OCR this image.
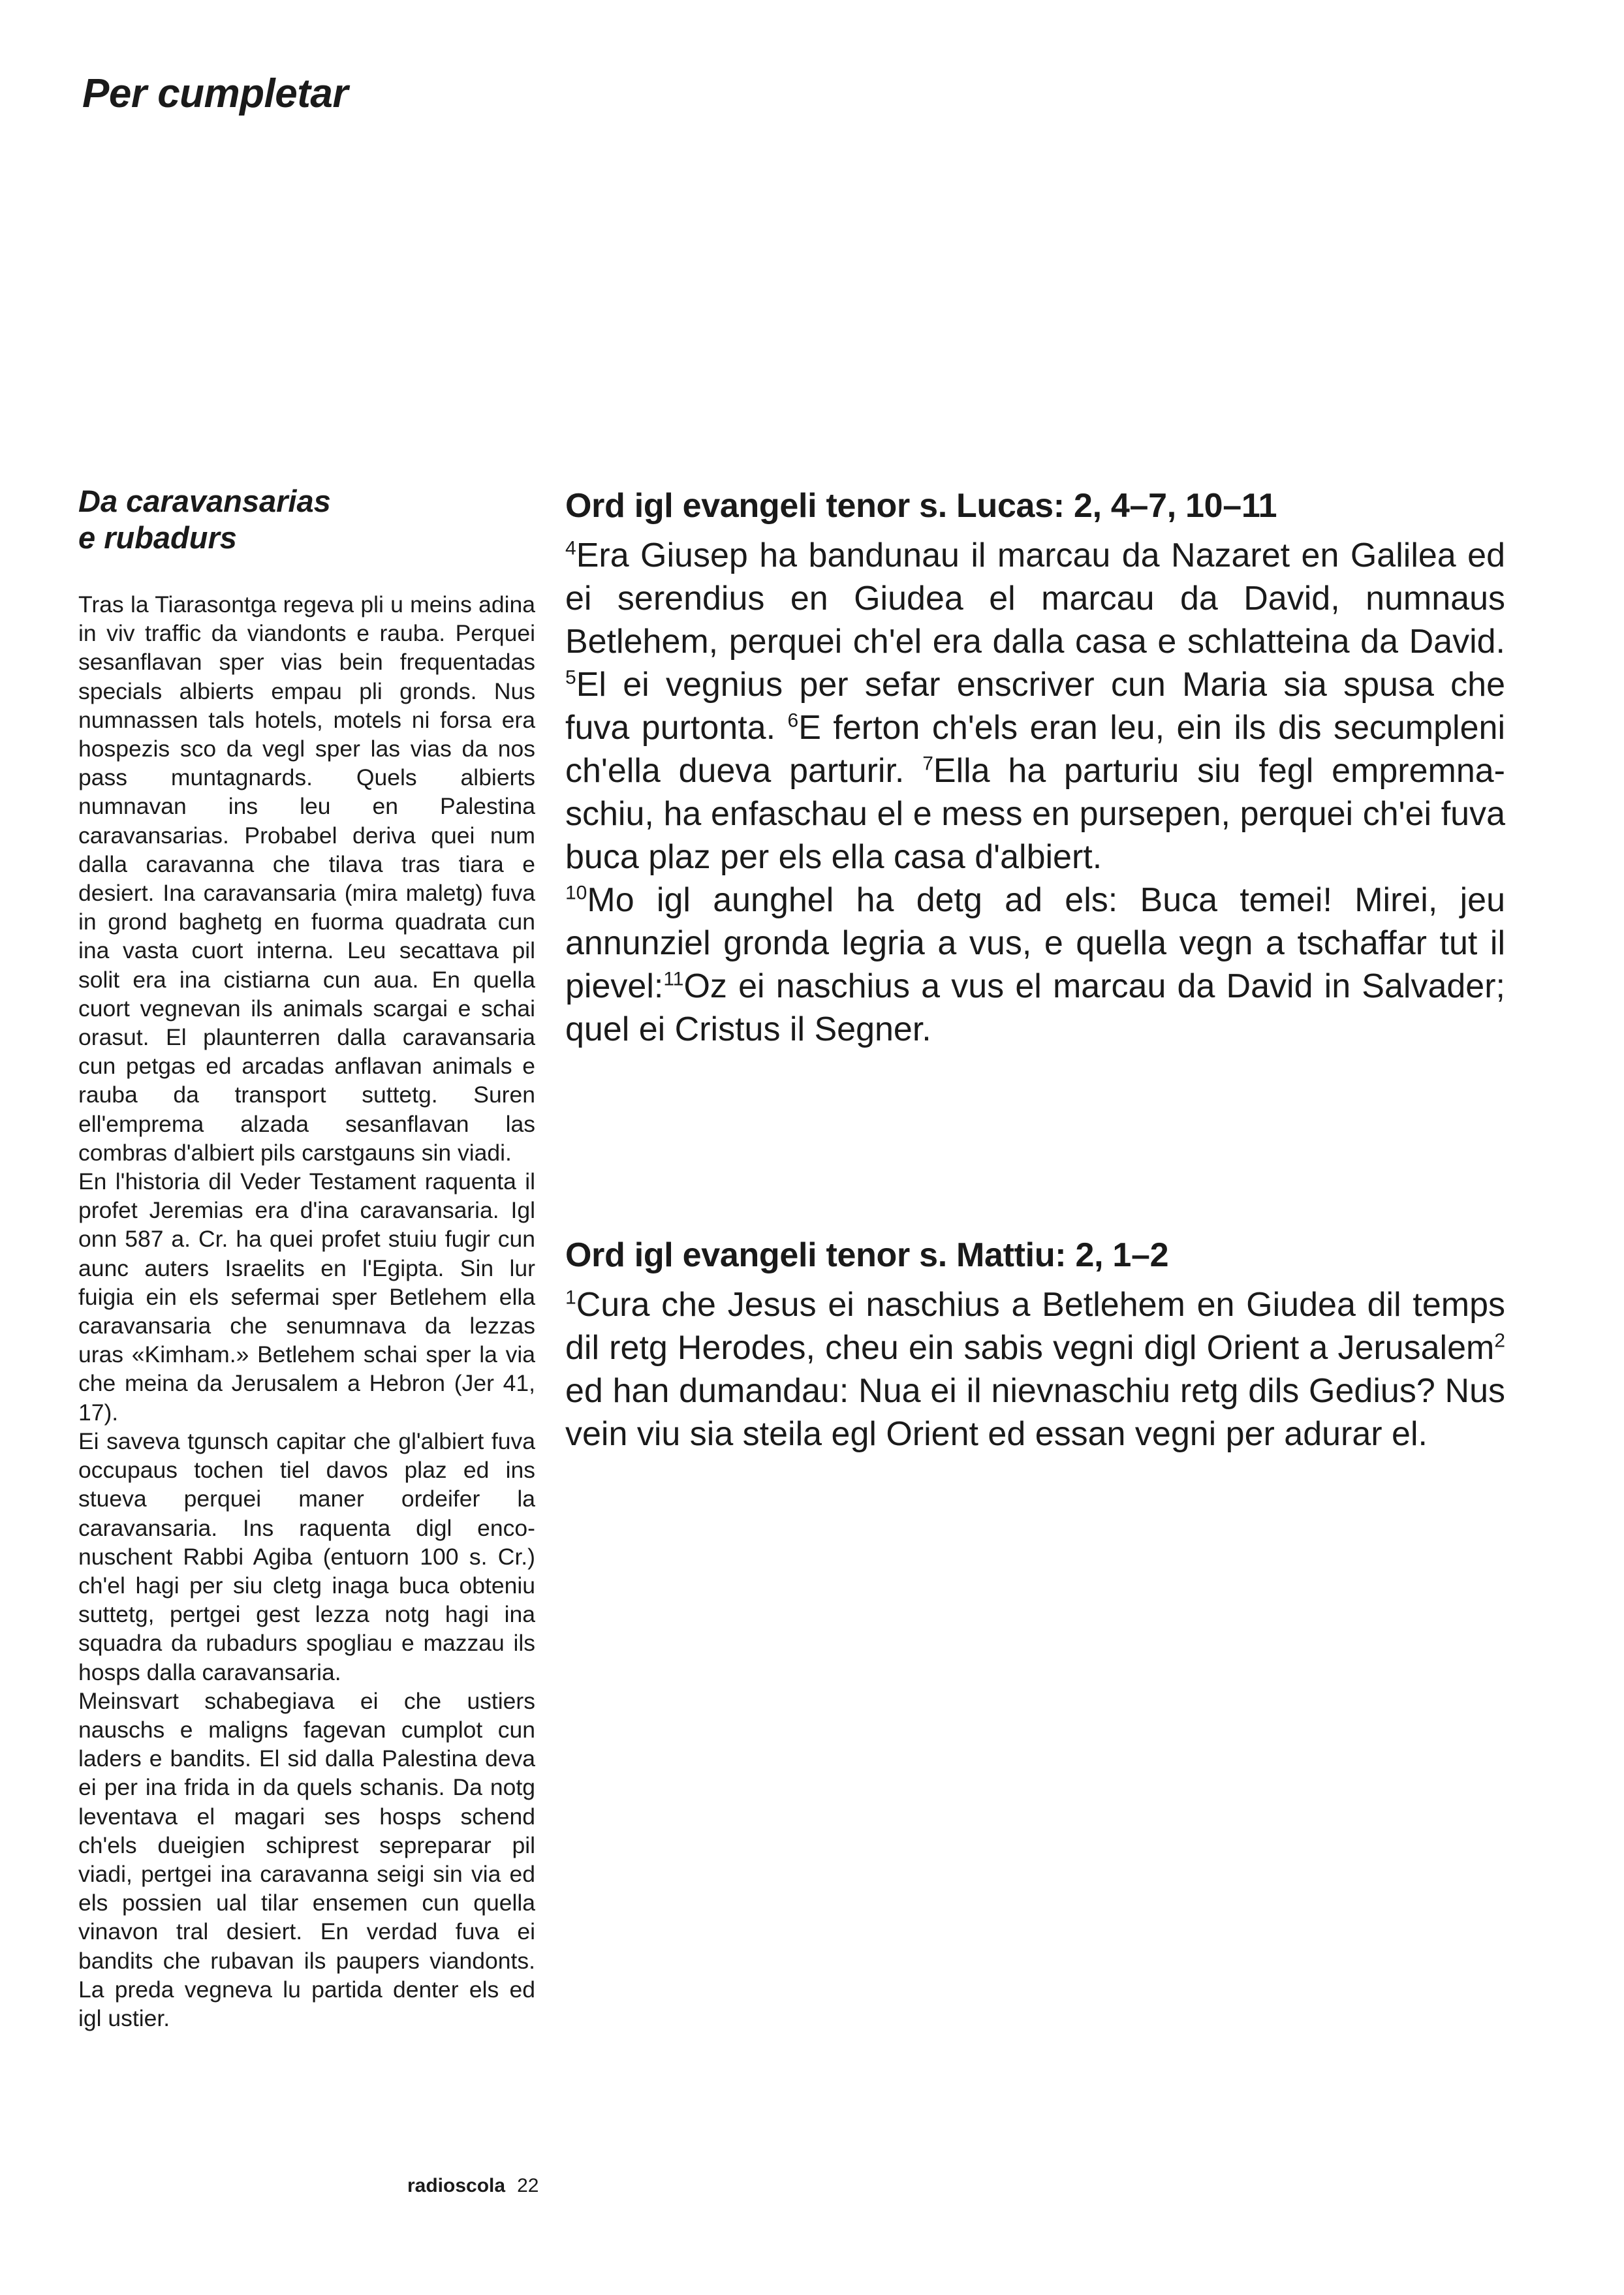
Per cumpletar
Da caravansarias
e rubadurs

Tras la Tiarasontga regeva pli u meins adina in viv traffic da viandonts e rauba. Perquei sesanflavan sper vias bein frequentadas specials albierts empau pli gronds. Nus numnassen tals hotels, motels ni forsa era hospezis sco da vegl sper las vias da nos pass muntagnards. Quels albierts numnavan ins leu en Palestina caravansarias. Probabel deriva quei num dalla caravanna che tilava tras tiara e desiert. Ina caravansaria (mira maletg) fuva in grond baghetg en fuorma quadrata cun ina vasta cuort interna. Leu secattava pil solit era ina cistiarna cun aua. En quella cuort vegnevan ils animals scargai e schai orasut. El plaunterren dalla caravansaria cun petgas ed arcadas anflavan animals e rauba da transport suttetg. Suren ell'emprema alzada sesanflavan las combras d'albiert pils carstgauns sin viadi.

En l'historia dil Veder Testament raquenta il profet Jeremias era d'ina caravansaria. Igl onn 587 a. Cr. ha quei profet stuiu fugir cun aunc auters Israelits en l'Egipta. Sin lur fuigia ein els sefermai sper Betlehem ella caravansaria che senumnava da lezzas uras «Kimham.» Betlehem schai sper la via che meina da Jerusalem a Hebron (Jer 41, 17).

Ei saveva tgunsch capitar che gl'albiert fuva occupaus tochen tiel davos plaz ed ins stueva perquei maner ordeifer la caravansaria. Ins raquenta digl enconuschent Rabbi Agiba (entuorn 100 s. Cr.) ch'el hagi per siu cletg inaga buca obteniu suttetg, pertgei gest lezza notg hagi ina squadra da rubadurs spogliau e mazzau ils hosps dalla caravansaria.

Meinsvart schabegiava ei che ustiers nauschs e maligns fagevan cumplot cun laders e bandits. El sid dalla Palestina deva ei per ina frida in da quels schanis. Da notg leventava el magari ses hosps schend ch'els dueigien schiprest sepreparar pil viadi, pertgei ina caravanna seigi sin via ed els possien ual tilar ensemen cun quella vinavon tral desiert. En verdad fuva ei bandits che rubavan ils paupers viandonts. La preda vegneva lu partida denter els ed igl ustier.

Ord igl evangeli tenor s. Lucas: 2, 4–7, 10–11

$^4$Era Giusep ha bandunau il marcau da Nazaret en Galilea ed ei serendius en Giudea el marcau da David, numnaus Betlehem, perquei ch'el era dalla casa e schlatteina da David. $^5$El ei vegnius per sefar enscriver cun Maria sia spusa che fuva purtonta. $^6$E ferton ch'els eran leu, ein ils dis secumpleni ch'ella dueva parturir. $^7$Ella ha parturiu siu fegl empremnaschiu, ha enfaschau el e mess en pursepen, perquei ch'ei fuva buca plaz per els ella casa d'albiert.

$^{10}$Mo igl aunghel ha detg ad els: Buca temei! Mirei, jeu annunziel gronda legria a vus, e quella vegn a tschaffar tut il pievel:$^{11}$Oz ei naschius a vus el marcau da David in Salvader; quel ei Cristus il Segner.

Ord igl evangeli tenor s. Mattiu: 2, 1–2

$^1$Cura che Jesus ei naschius a Betlehem en Giudea dil temps dil retg Herodes, cheu ein sabis vegni digl Orient a Jerusalem$^2$ ed han dumandau: Nua ei il nievnaschiu retg dils Gedius? Nus vein viu sia steila egl Orient ed essan vegni per adurar el.

radioscola 22
